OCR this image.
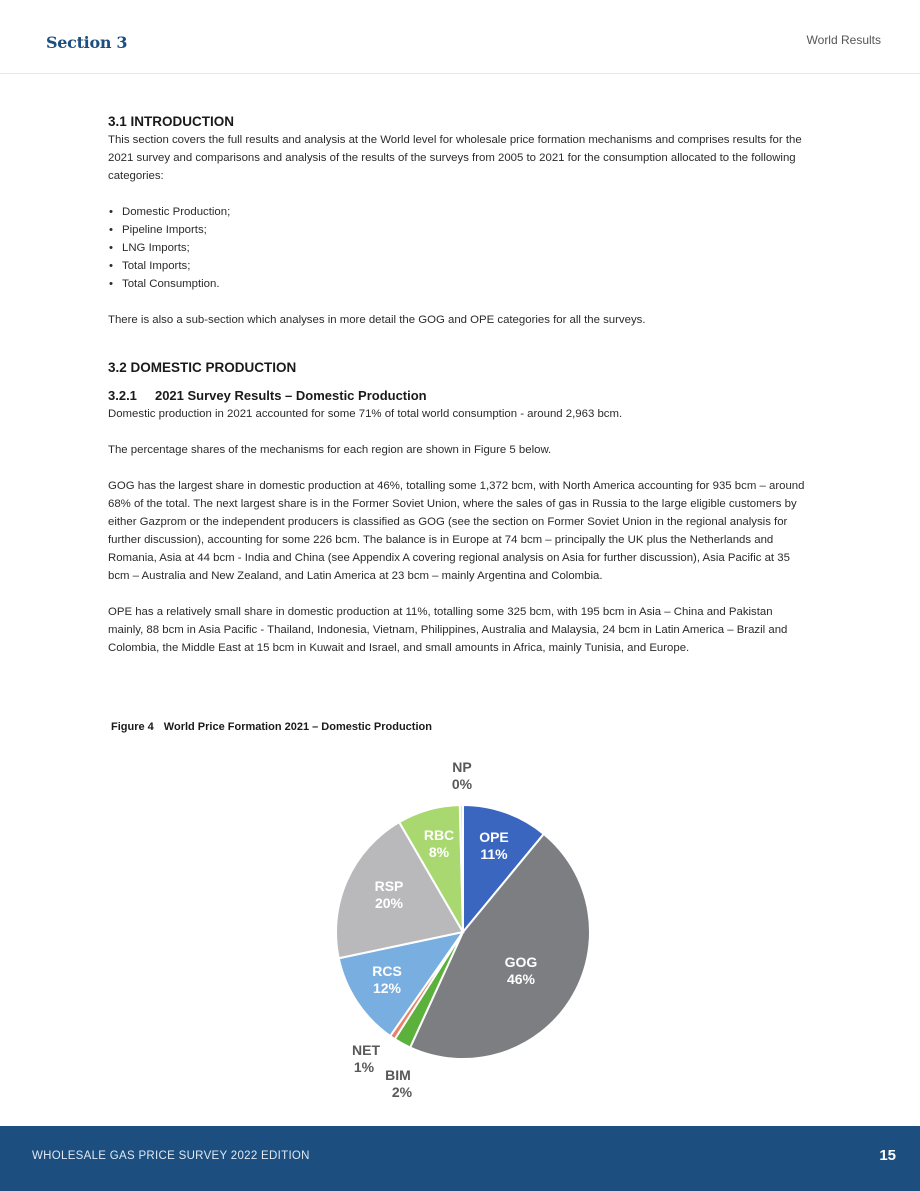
Section 3	World Results
3.1 INTRODUCTION

This section covers the full results and analysis at the World level for wholesale price formation mechanisms and comprises results for the 2021 survey and comparisons and analysis of the results of the surveys from 2005 to 2021 for the consumption allocated to the following categories:

• Domestic Production;
• Pipeline Imports;
• LNG Imports;
• Total Imports;
• Total Consumption.

There is also a sub-section which analyses in more detail the GOG and OPE categories for all the surveys.

3.2 DOMESTIC PRODUCTION
3.2.1     2021 Survey Results – Domestic Production

Domestic production in 2021 accounted for some 71% of total world consumption - around 2,963 bcm.

The percentage shares of the mechanisms for each region are shown in Figure 5 below.

GOG has the largest share in domestic production at 46%, totalling some 1,372 bcm, with North America accounting for 935 bcm – around 68% of the total. The next largest share is in the Former Soviet Union, where the sales of gas in Russia to the large eligible customers by either Gazprom or the independent producers is classified as GOG (see the section on Former Soviet Union in the regional analysis for further discussion), accounting for some 226 bcm. The balance is in Europe at 74 bcm – principally the UK plus the Netherlands and Romania, Asia at 44 bcm - India and China (see Appendix A covering regional analysis on Asia for further discussion), Asia Pacific at 35 bcm – Australia and New Zealand, and Latin America at 23 bcm – mainly Argentina and Colombia.

OPE has a relatively small share in domestic production at 11%, totalling some 325 bcm, with 195 bcm in Asia – China and Pakistan mainly, 88 bcm in Asia Pacific - Thailand, Indonesia, Vietnam, Philippines, Australia and Malaysia, 24 bcm in Latin America – Brazil and Colombia, the Middle East at 15 bcm in Kuwait and Israel, and small amounts in Africa, mainly Tunisia, and Europe.

Figure 4 World Price Formation 2021 – Domestic Production
OPE 11%
GOG 46%
BIM 2%
NET 1%
RCS 12%
RSP 20%
RBC 8%
NP 0%
WHOLESALE GAS PRICE SURVEY 2022 EDITION	15
